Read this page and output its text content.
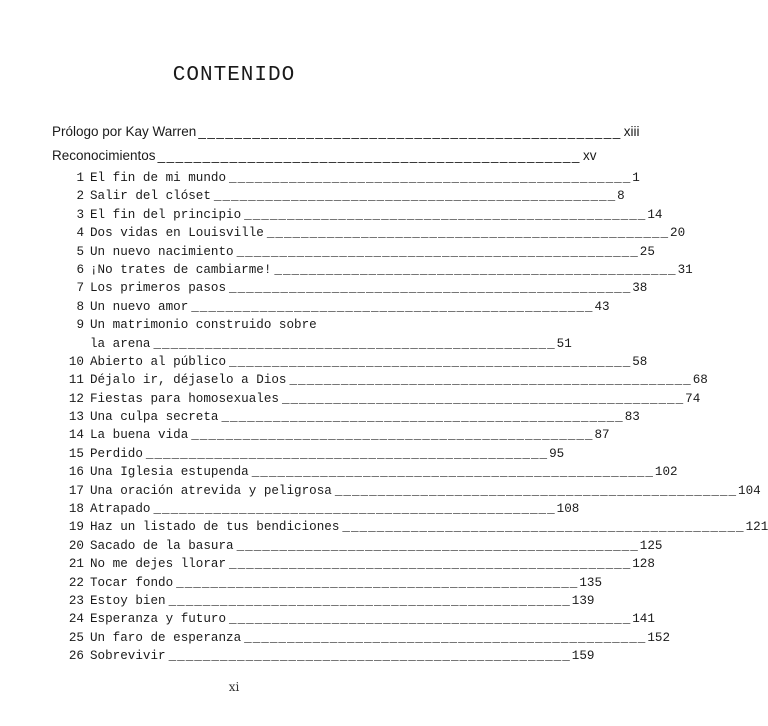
CONTENIDO
Prólogo por Kay Warren _______________________________________________ xiii
Reconocimientos _______________________________________________ xv
1 El fin de mi mundo _______________________________________________ 1
2 Salir del clóset _______________________________________________ 8
3 El fin del principio _______________________________________________ 14
4 Dos vidas en Louisville _______________________________________________ 20
5 Un nuevo nacimiento _______________________________________________ 25
6 ¡No trates de cambiarme! _______________________________________________ 31
7 Los primeros pasos _______________________________________________ 38
8 Un nuevo amor _______________________________________________ 43
9 Un matrimonio construido sobre
la arena _______________________________________________ 51
10 Abierto al público _______________________________________________ 58
11 Déjalo ir, déjaselo a Dios _______________________________________________ 68
12 Fiestas para homosexuales _______________________________________________ 74
13 Una culpa secreta _______________________________________________ 83
14 La buena vida _______________________________________________ 87
15 Perdido _______________________________________________ 95
16 Una Iglesia estupenda _______________________________________________ 102
17 Una oración atrevida y peligrosa _______________________________________________ 104
18 Atrapado _______________________________________________ 108
19 Haz un listado de tus bendiciones _______________________________________________ 121
20 Sacado de la basura _______________________________________________ 125
21 No me dejes llorar _______________________________________________ 128
22 Tocar fondo _______________________________________________ 135
23 Estoy bien _______________________________________________ 139
24 Esperanza y futuro _______________________________________________ 141
25 Un faro de esperanza _______________________________________________ 152
26 Sobrevivir _______________________________________________ 159
xi
